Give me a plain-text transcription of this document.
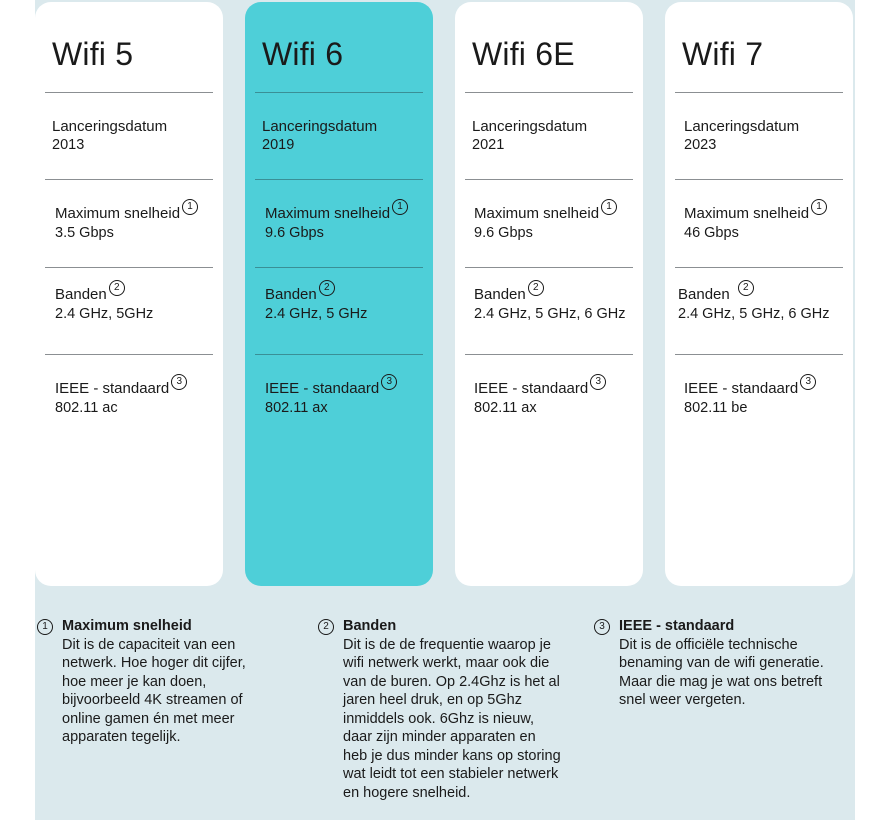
Wifi 5
Lanceringsdatum
2013
Maximum snelheid 1
3.5 Gbps
Banden 2
2.4 GHz, 5GHz
IEEE - standaard 3
802.11 ac
Wifi 6
Lanceringsdatum
2019
Maximum snelheid 1
9.6 Gbps
Banden 2
2.4 GHz, 5 GHz
IEEE - standaard 3
802.11 ax
Wifi 6E
Lanceringsdatum
2021
Maximum snelheid 1
9.6 Gbps
Banden 2
2.4 GHz, 5 GHz, 6 GHz
IEEE - standaard 3
802.11 ax
Wifi 7
Lanceringsdatum
2023
Maximum snelheid 1
46 Gbps
Banden 2
2.4 GHz, 5 GHz, 6 GHz
IEEE - standaard 3
802.11 be
1 Maximum snelheid
Dit is de capaciteit van een netwerk. Hoe hoger dit cijfer, hoe meer je kan doen, bijvoorbeeld 4K streamen of online gamen én met meer apparaten tegelijk.
2 Banden
Dit is de de frequentie waarop je wifi netwerk werkt, maar ook die van de buren. Op 2.4Ghz is het al jaren heel druk, en op 5Ghz inmiddels ook. 6Ghz is nieuw, daar zijn minder apparaten en heb je dus minder kans op storing wat leidt tot een stabieler netwerk en hogere snelheid.
3 IEEE - standaard
Dit is de officiële technische benaming van de wifi generatie. Maar die mag je wat ons betreft snel weer vergeten.
